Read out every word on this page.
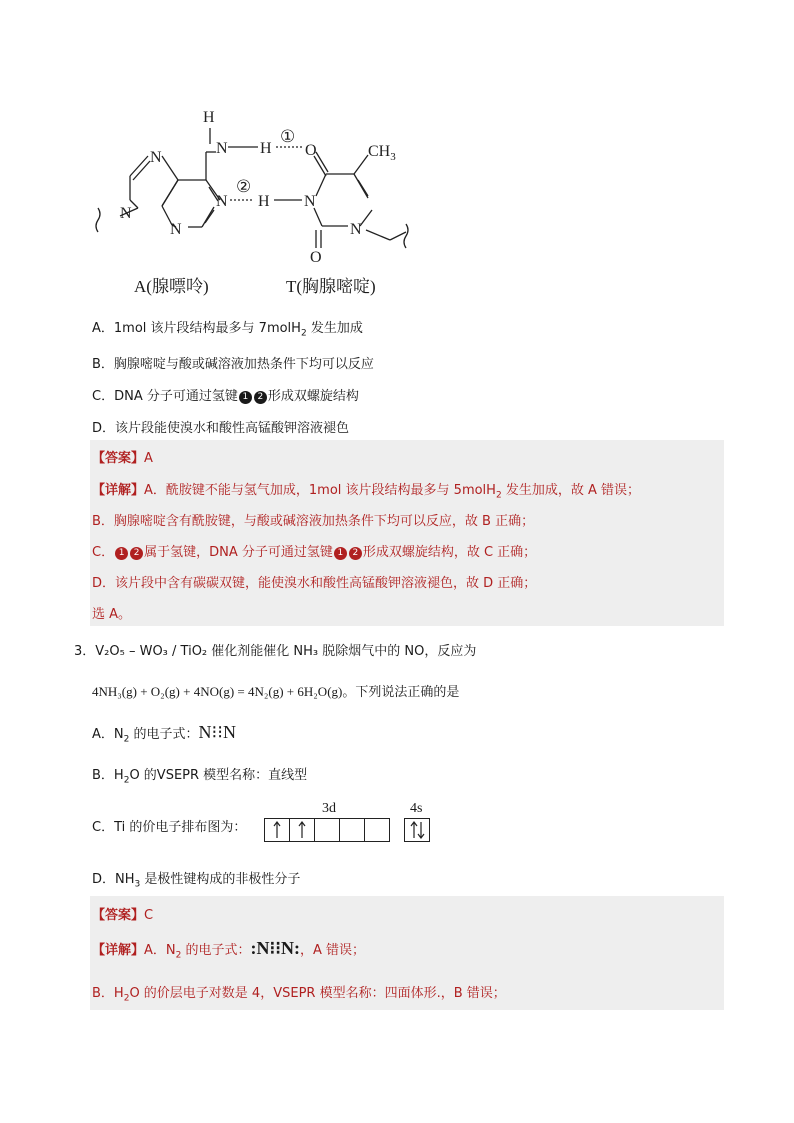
N
N
N
N
N
H
H O
H N
O
N
$CH_3$
①
②
A(腺嘌呤)	T(胸腺嘧啶)
A．1mol 该片段结构最多与 7molH$_2$ 发生加成
B．胸腺嘧啶与酸或碱溶液加热条件下均可以反应
C．DNA 分子可通过氢键 1 2 形成双螺旋结构
D．该片段能使溴水和酸性高锰酸钾溶液褪色
【答案】A
【详解】A．酰胺键不能与氢气加成，1mol 该片段结构最多与 5molH$_2$ 发生加成，故 A 错误；
B．胸腺嘧啶含有酰胺键，与酸或碱溶液加热条件下均可以反应，故 B 正确；
C． 1 2 属于氢键，DNA 分子可通过氢键 1 2 形成双螺旋结构，故 C 正确；
D．该片段中含有碳碳双键，能使溴水和酸性高锰酸钾溶液褪色，故 D 正确；
选 A。
3．V₂O₅ – WO₃ / TiO₂ 催化剂能催化 NH₃ 脱除烟气中的 NO，反应为
4NH₃(g) + O₂(g) + 4NO(g) = 4N₂(g) + 6H₂O(g)。下列说法正确的是
A．$N_2$ 的电子式：N⁝⁝N
B．$H_2O$ 的VSEPR 模型名称：直线型
C．Ti 的价电子排布图为：
3d	4s
D．$NH_3$ 是极性键构成的非极性分子
【答案】C
【详解】A．$N_2$ 的电子式：:N⁝⁝N:，A 错误；
B．$H_2O$ 的价层电子对数是 4，VSEPR 模型名称：四面体形.，B 错误；
